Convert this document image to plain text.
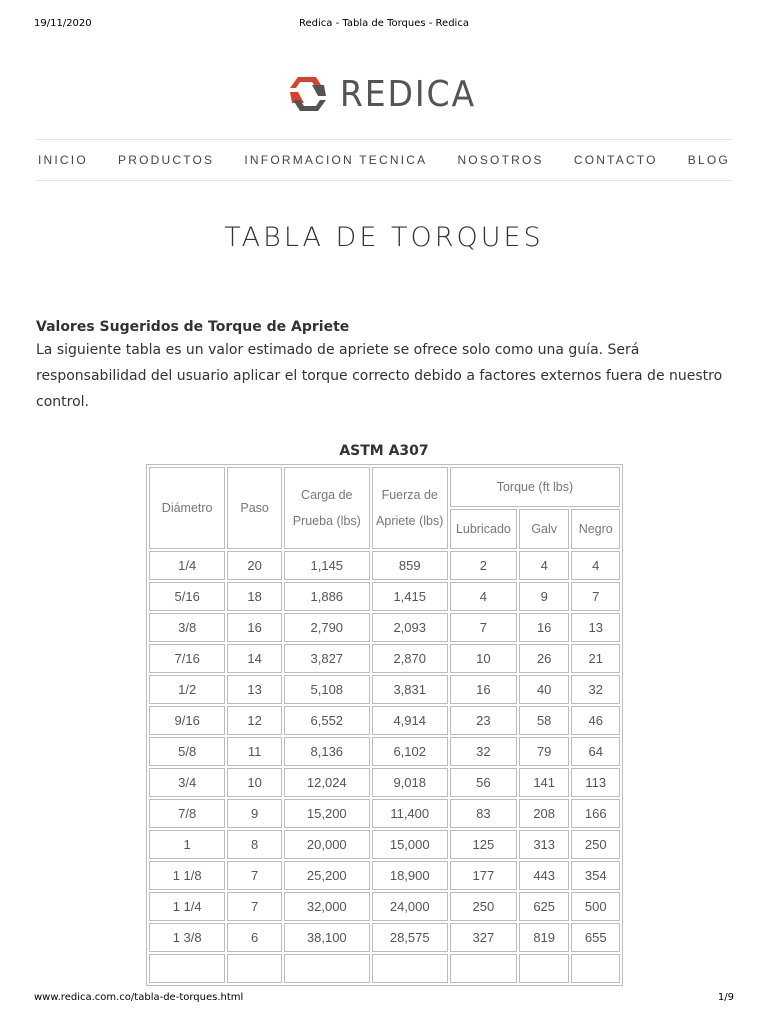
19/11/2020	Redica - Tabla de Torques - Redica
REDICA
INICIO	PRODUCTOS	INFORMACION TECNICA	NOSOTROS	CONTACTO	BLOG
TABLA DE TORQUES
Valores Sugeridos de Torque de Apriete
La siguiente tabla es un valor estimado de apriete se ofrece solo como una guía. Será responsabilidad del usuario aplicar el torque correcto debido a factores externos fuera de nuestro control.
ASTM A307
Diámetro	Paso	Carga de Prueba (lbs)	Fuerza de Apriete (lbs)	Torque (ft lbs)		
				Lubricado	Galv	Negro
1/4	20	1,145	859	2	4	4
5/16	18	1,886	1,415	4	9	7
3/8	16	2,790	2,093	7	16	13
7/16	14	3,827	2,870	10	26	21
1/2	13	5,108	3,831	16	40	32
9/16	12	6,552	4,914	23	58	46
5/8	11	8,136	6,102	32	79	64
3/4	10	12,024	9,018	56	141	113
7/8	9	15,200	11,400	83	208	166
1	8	20,000	15,000	125	313	250
1 1/8	7	25,200	18,900	177	443	354
1 1/4	7	32,000	24,000	250	625	500
1 3/8	6	38,100	28,575	327	819	655

www.redica.com.co/tabla-de-torques.html	1/9
